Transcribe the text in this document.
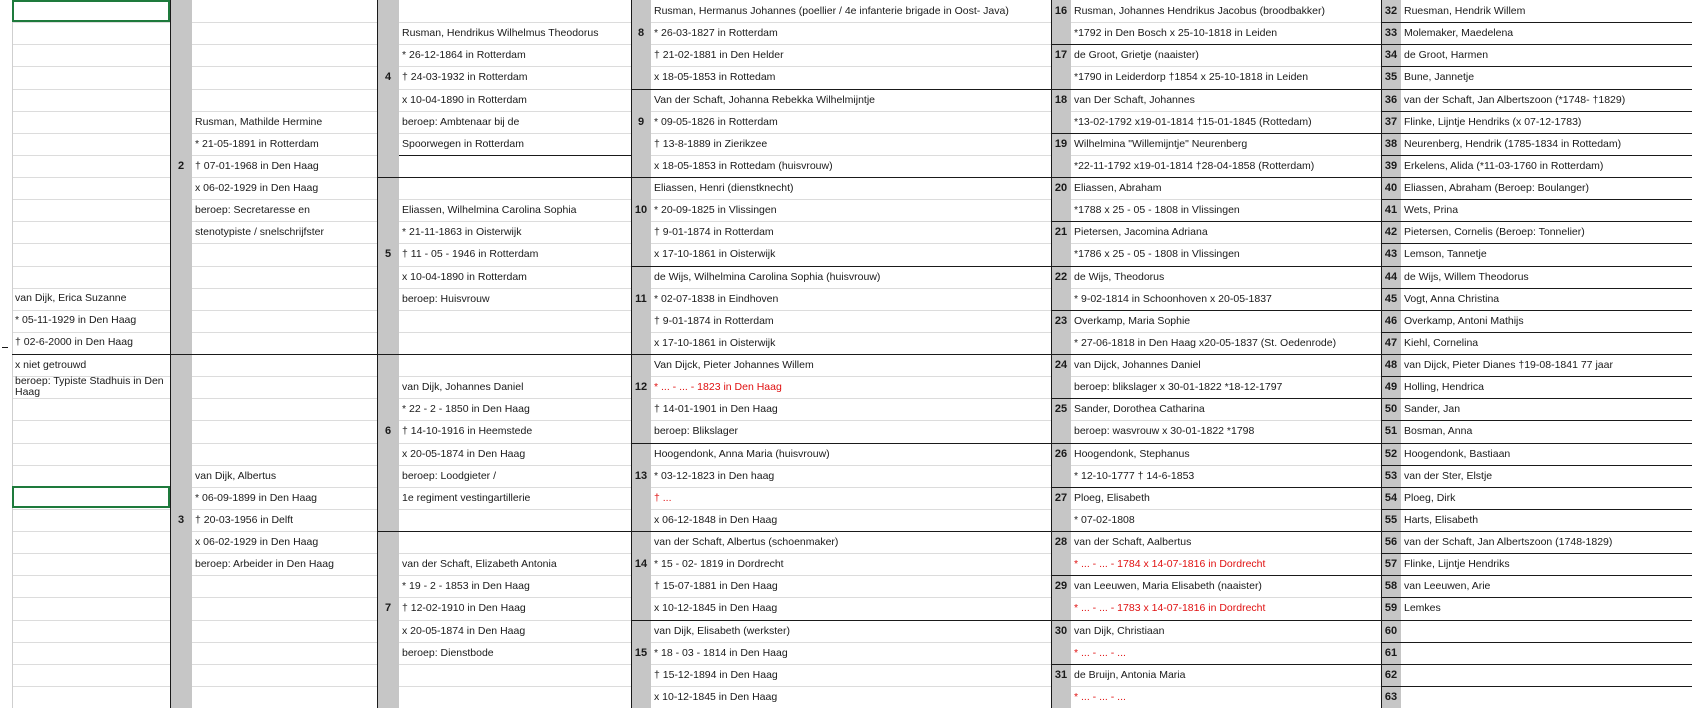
van Dijk, Erica Suzanne
* 05-11-1929 in Den Haag
† 02-6-2000 in Den Haag
x niet getrouwd
beroep: Typiste Stadhuis in Den Haag
Rusman, Mathilde Hermine
* 21-05-1891 in Rotterdam
† 07-01-1968 in Den Haag
x 06-02-1929 in Den Haag
beroep: Secretaresse en
stenotypiste / snelschrijfster
van Dijk, Albertus
* 06-09-1899 in Den Haag
† 20-03-1956 in Delft
x 06-02-1929 in Den Haag
beroep: Arbeider in Den Haag
2
3
Rusman, Hendrikus Wilhelmus Theodorus
* 26-12-1864 in Rotterdam
† 24-03-1932 in Rotterdam
x 10-04-1890 in Rotterdam
beroep: Ambtenaar bij de
Spoorwegen in Rotterdam
4
Eliassen, Wilhelmina Carolina Sophia
* 21-11-1863 in Oisterwijk
† 11 - 05 - 1946 in Rotterdam
x 10-04-1890 in Rotterdam
beroep: Huisvrouw
5
van Dijk, Johannes Daniel
* 22 - 2 - 1850 in Den Haag
† 14-10-1916 in Heemstede
x 20-05-1874 in Den Haag
beroep: Loodgieter /
1e regiment vestingartillerie
6
van der Schaft, Elizabeth Antonia
* 19 - 2 - 1853 in Den Haag
† 12-02-1910 in Den Haag
x 20-05-1874 in Den Haag
beroep: Dienstbode
7
Rusman, Hermanus Johannes (poellier / 4e infanterie brigade in Oost- Java)
* 26-03-1827 in Rotterdam
† 21-02-1881 in Den Helder
x 18-05-1853 in Rottedam
8
Van der Schaft, Johanna Rebekka Wilhelmijntje
* 09-05-1826 in Rotterdam
† 13-8-1889 in Zierikzee
x 18-05-1853 in Rottedam (huisvrouw)
9
Eliassen, Henri (dienstknecht)
* 20-09-1825 in Vlissingen
† 9-01-1874 in Rotterdam
x 17-10-1861 in Oisterwijk
10
de Wijs, Wilhelmina Carolina Sophia (huisvrouw)
* 02-07-1838 in Eindhoven
† 9-01-1874 in Rotterdam
x 17-10-1861 in Oisterwijk
11
Van Dijck, Pieter Johannes Willem
* ... - ... - 1823 in Den Haag
† 14-01-1901 in Den Haag
beroep: Blikslager
12
Hoogendonk, Anna Maria (huisvrouw)
* 03-12-1823 in Den haag
† ...
x 06-12-1848 in Den Haag
13
van der Schaft, Albertus (schoenmaker)
* 15 - 02- 1819 in Dordrecht
† 15-07-1881 in Den Haag
x 10-12-1845 in Den Haag
14
van Dijk, Elisabeth (werkster)
* 18 - 03 - 1814 in Den Haag
† 15-12-1894 in Den Haag
x 10-12-1845 in Den Haag
15
Rusman, Johannes Hendrikus Jacobus (broodbakker)
*1792 in Den Bosch x 25-10-1818 in Leiden
16
de Groot, Grietje (naaister)
*1790 in Leiderdorp †1854 x 25-10-1818 in Leiden
17
van Der Schaft, Johannes
*13-02-1792 x19-01-1814 †15-01-1845 (Rottedam)
18
Wilhelmina "Willemijntje" Neurenberg
*22-11-1792 x19-01-1814 †28-04-1858 (Rotterdam)
19
Eliassen, Abraham
*1788 x 25 - 05 - 1808 in Vlissingen
20
Pietersen, Jacomina Adriana
*1786 x 25 - 05 - 1808 in Vlissingen
21
de Wijs, Theodorus
* 9-02-1814 in Schoonhoven x 20-05-1837
22
Overkamp, Maria Sophie
* 27-06-1818 in Den Haag x20-05-1837 (St. Oedenrode)
23
van Dijck, Johannes Daniel
beroep: blikslager x 30-01-1822 *18-12-1797
24
Sander, Dorothea Catharina
beroep: wasvrouw x 30-01-1822 *1798
25
Hoogendonk, Stephanus
* 12-10-1777 † 14-6-1853
26
Ploeg, Elisabeth
* 07-02-1808
27
van der Schaft, Aalbertus
* ... - ... - 1784 x 14-07-1816 in Dordrecht
28
van Leeuwen, Maria Elisabeth (naaister)
* ... - ... - 1783 x 14-07-1816 in Dordrecht
29
van Dijk, Christiaan
* ... - ... - ...
30
de Bruijn, Antonia Maria
* ... - ... - ...
31
Ruesman, Hendrik Willem
32
Molemaker, Maedelena
33
de Groot, Harmen
34
Bune, Jannetje
35
van der Schaft, Jan Albertszoon (*1748- †1829)
36
Flinke, Lijntje Hendriks (x 07-12-1783)
37
Neurenberg, Hendrik (1785-1834 in Rottedam)
38
Erkelens, Alida (*11-03-1760 in Rotterdam)
39
Eliassen, Abraham (Beroep: Boulanger)
40
Wets, Prina
41
Pietersen, Cornelis (Beroep: Tonnelier)
42
Lemson, Tannetje
43
de Wijs, Willem Theodorus
44
Vogt, Anna Christina
45
Overkamp, Antoni Mathijs
46
Kiehl, Cornelina
47
van Dijck, Pieter Dianes †19-08-1841 77 jaar
48
Holling, Hendrica
49
Sander, Jan
50
Bosman, Anna
51
Hoogendonk, Bastiaan
52
van der Ster, Elstje
53
Ploeg, Dirk
54
Harts, Elisabeth
55
van der Schaft, Jan Albertszoon (1748-1829)
56
Flinke, Lijntje Hendriks
57
van Leeuwen, Arie
58
Lemkes
59
60
61
62
63
